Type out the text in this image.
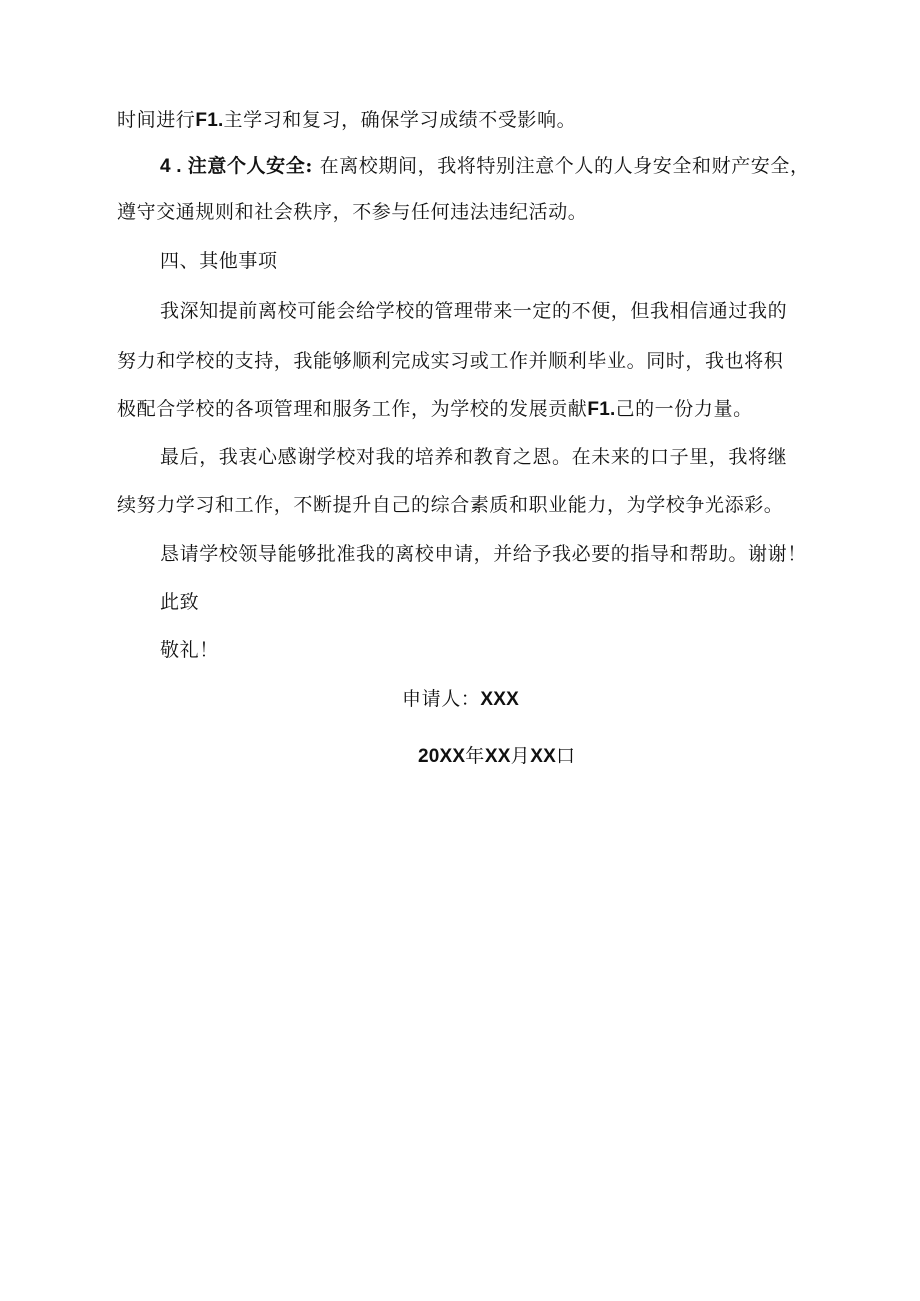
时间进行F1.主学习和复习，确保学习成绩不受影响。
4 . 注意个人安全: 在离校期间，我将特别注意个人的人身安全和财产安全，
遵守交通规则和社会秩序，不参与任何违法违纪活动。
四、其他事项
我深知提前离校可能会给学校的管理带来一定的不便，但我相信通过我的
努力和学校的支持，我能够顺利完成实习或工作并顺利毕业。同时，我也将积
极配合学校的各项管理和服务工作，为学校的发展贡献F1.己的一份力量。
最后，我衷心感谢学校对我的培养和教育之恩。在未来的口子里，我将继
续努力学习和工作，不断提升自己的综合素质和职业能力，为学校争光添彩。
恳请学校领导能够批准我的离校申请，并给予我必要的指导和帮助。谢谢！
此致
敬礼！
申请人：XXX
20XX年XX月XX口
